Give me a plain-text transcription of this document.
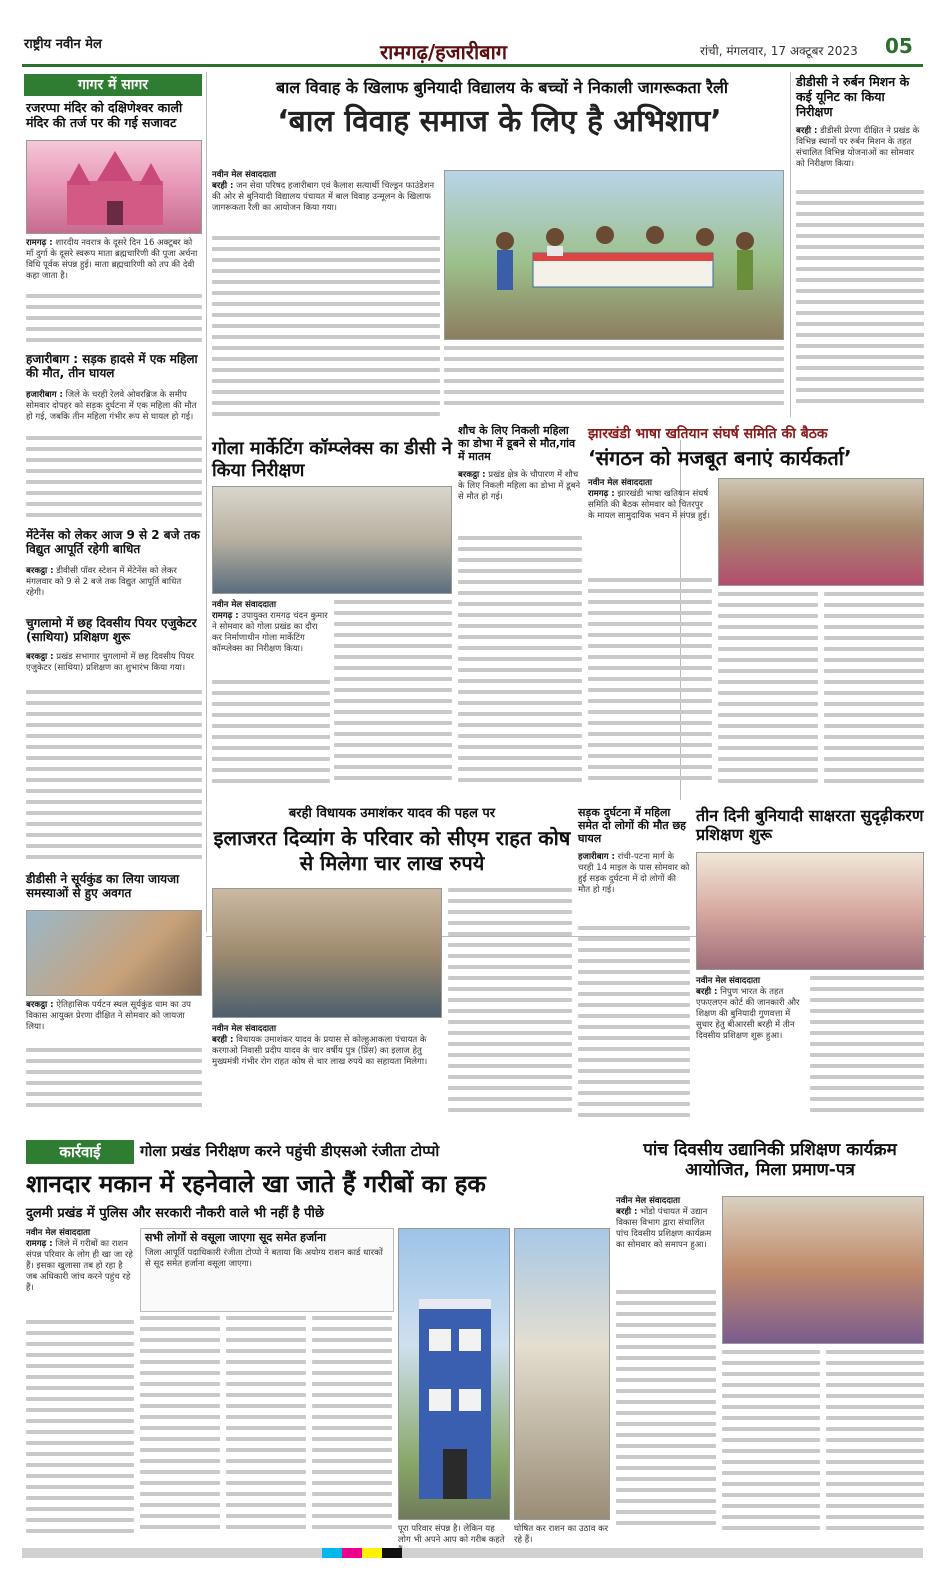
राष्ट्रीय नवीन मेल	रामगढ़/हजारीबाग	रांची, मंगलवार, 17 अक्टूबर 2023 05
गागर में सागर
रजरप्पा मंदिर को दक्षिणेश्वर काली मंदिर की तर्ज पर की गई सजावट
रामगढ़ : शारदीय नवरात्र के दूसरे दिन 16 अक्टूबर को माँ दुर्गा के दूसरे स्वरूप माता ब्रह्मचारिणी की पूजा अर्चना विधि पूर्वक संपन्न हुई। माता ब्रह्मचारिणी को तप की देवी कहा जाता है।
हजारीबाग : सड़क हादसे में एक महिला की मौत, तीन घायल
हजारीबाग : जिले के चरही रेलवे ओवरब्रिज के समीप सोमवार दोपहर को सड़क दुर्घटना में एक महिला की मौत हो गई, जबकि तीन महिला गंभीर रूप से घायल हो गई।
मेंटेनेंस को लेकर आज 9 से 2 बजे तक विद्युत आपूर्ति रहेगी बाधित
बरकट्ठा : डीवीसी पॉवर स्टेशन में मेंटेनेंस को लेकर मंगलवार को 9 से 2 बजे तक विद्युत आपूर्ति बाधित रहेगी।
चुगलामो में छह दिवसीय पियर एजुकेटर (साथिया) प्रशिक्षण शुरू
बरकट्ठा : प्रखंड सभागार चुगलामो में छह दिवसीय पियर एजुकेटर (साथिया) प्रशिक्षण का शुभारंभ किया गया।
डीडीसी ने सूर्यकुंड का लिया जायजा समस्याओं से हुए अवगत
बरकट्ठा : ऐतिहासिक पर्यटन स्थल सूर्यकुंड धाम का उप विकास आयुक्त प्रेरणा दीक्षित ने सोमवार को जायजा लिया।
बाल विवाह के खिलाफ बुनियादी विद्यालय के बच्चों ने निकाली जागरूकता रैली
‘बाल विवाह समाज के लिए है अभिशाप’
नवीन मेल संवाददाता
बरही : जन सेवा परिषद हजारीबाग एवं कैलाश सत्यार्थी चिल्ड्रन फाउंडेशन की ओर से बुनियादी विद्यालय पंचायत में बाल विवाह उन्मूलन के खिलाफ जागरूकता रैली का आयोजन किया गया।
डीडीसी ने रुर्बन मिशन के कई यूनिट का किया निरीक्षण
बरही : डीडीसी प्रेरणा दीक्षित ने प्रखंड के विभिन्न स्थानों पर रुर्बन मिशन के तहत संचालित विभिन्न योजनाओं का सोमवार को निरीक्षण किया।
गोला मार्केटिंग कॉम्प्लेक्स का डीसी ने किया निरीक्षण
नवीन मेल संवाददाता
रामगढ़ : उपायुक्त रामगढ़ चंदन कुमार ने सोमवार को गोला प्रखंड का दौरा कर निर्माणाधीन गोला मार्केटिंग कॉम्प्लेक्स का निरीक्षण किया।
शौच के लिए निकली महिला का डोभा में डूबने से मौत,गांव में मातम
बरकट्ठा : प्रखंड क्षेत्र के चौपारण में शौच के लिए निकली महिला का डोभा में डूबने से मौत हो गई।
झारखंडी भाषा खतियान संघर्ष समिति की बैठक
‘संगठन को मजबूत बनाएं कार्यकर्ता’
नवीन मेल संवाददाता
रामगढ़ : झारखंडी भाषा खतियान संघर्ष समिति की बैठक सोमवार को चितरपुर के मायल सामुदायिक भवन में संपन्न हुई।
बरही विधायक उमाशंकर यादव की पहल पर
इलाजरत दिव्यांग के परिवार को सीएम राहत कोष से मिलेगा चार लाख रुपये
नवीन मेल संवाददाता
बरही : विधायक उमाशंकर यादव के प्रयास से कोल्हुआकला पंचायत के करगाओ निवासी प्रदीप यादव के चार वर्षीय पुत्र (प्रिंस) का इलाज हेतु मुख्यमंत्री गंभीर रोग राहत कोष से चार लाख रुपये का सहायता मिलेगा।
सड़क दुर्घटना में महिला समेत दो लोगों की मौत छह घायल
हजारीबाग : रांची-पटना मार्ग के चरही 14 माइल के पास सोमवार को हुई सड़क दुर्घटना में दो लोगों की मौत हो गई।
तीन दिनी बुनियादी साक्षरता सुदृढ़ीकरण प्रशिक्षण शुरू
नवीन मेल संवाददाता
बरही : निपुण भारत के तहत एफएलएन कोर्ट की जानकारी और शिक्षण की बुनियादी गुणवत्ता में सुधार हेतु बीआरसी बरही में तीन दिवसीय प्रशिक्षण शुरू हुआ।
कार्रवाई	गोला प्रखंड निरीक्षण करने पहुंची डीएसओ रंजीता टोप्पो
शानदार मकान में रहनेवाले खा जाते हैं गरीबों का हक
दुलमी प्रखंड में पुलिस और सरकारी नौकरी वाले भी नहीं है पीछे
नवीन मेल संवाददाता
रामगढ़ : जिले में गरीबों का राशन संपन्न परिवार के लोग ही खा जा रहे हैं। इसका खुलासा तब हो रहा है जब अधिकारी जांच करने पहुंच रहे हैं।
सभी लोगों से वसूला जाएगा सूद समेत हर्जाना
जिला आपूर्ति पदाधिकारी रंजीता टोप्पो ने बताया कि अयोग्य राशन कार्ड धारकों से सूद समेत हर्जाना वसूला जाएगा।
पूरा परिवार संपन्न है। लेकिन यह लोग भी अपने आप को गरीब कहते
घोषित कर राशन का उठाव कर रहे हैं।
पांच दिवसीय उद्यानिकी प्रशिक्षण कार्यक्रम आयोजित, मिला प्रमाण-पत्र
नवीन मेल संवाददाता
बरही : भोंडो पंचायत में उद्यान विकास विभाग द्वारा संचालित पांच दिवसीय प्रशिक्षण कार्यक्रम का सोमवार को समापन हुआ।
